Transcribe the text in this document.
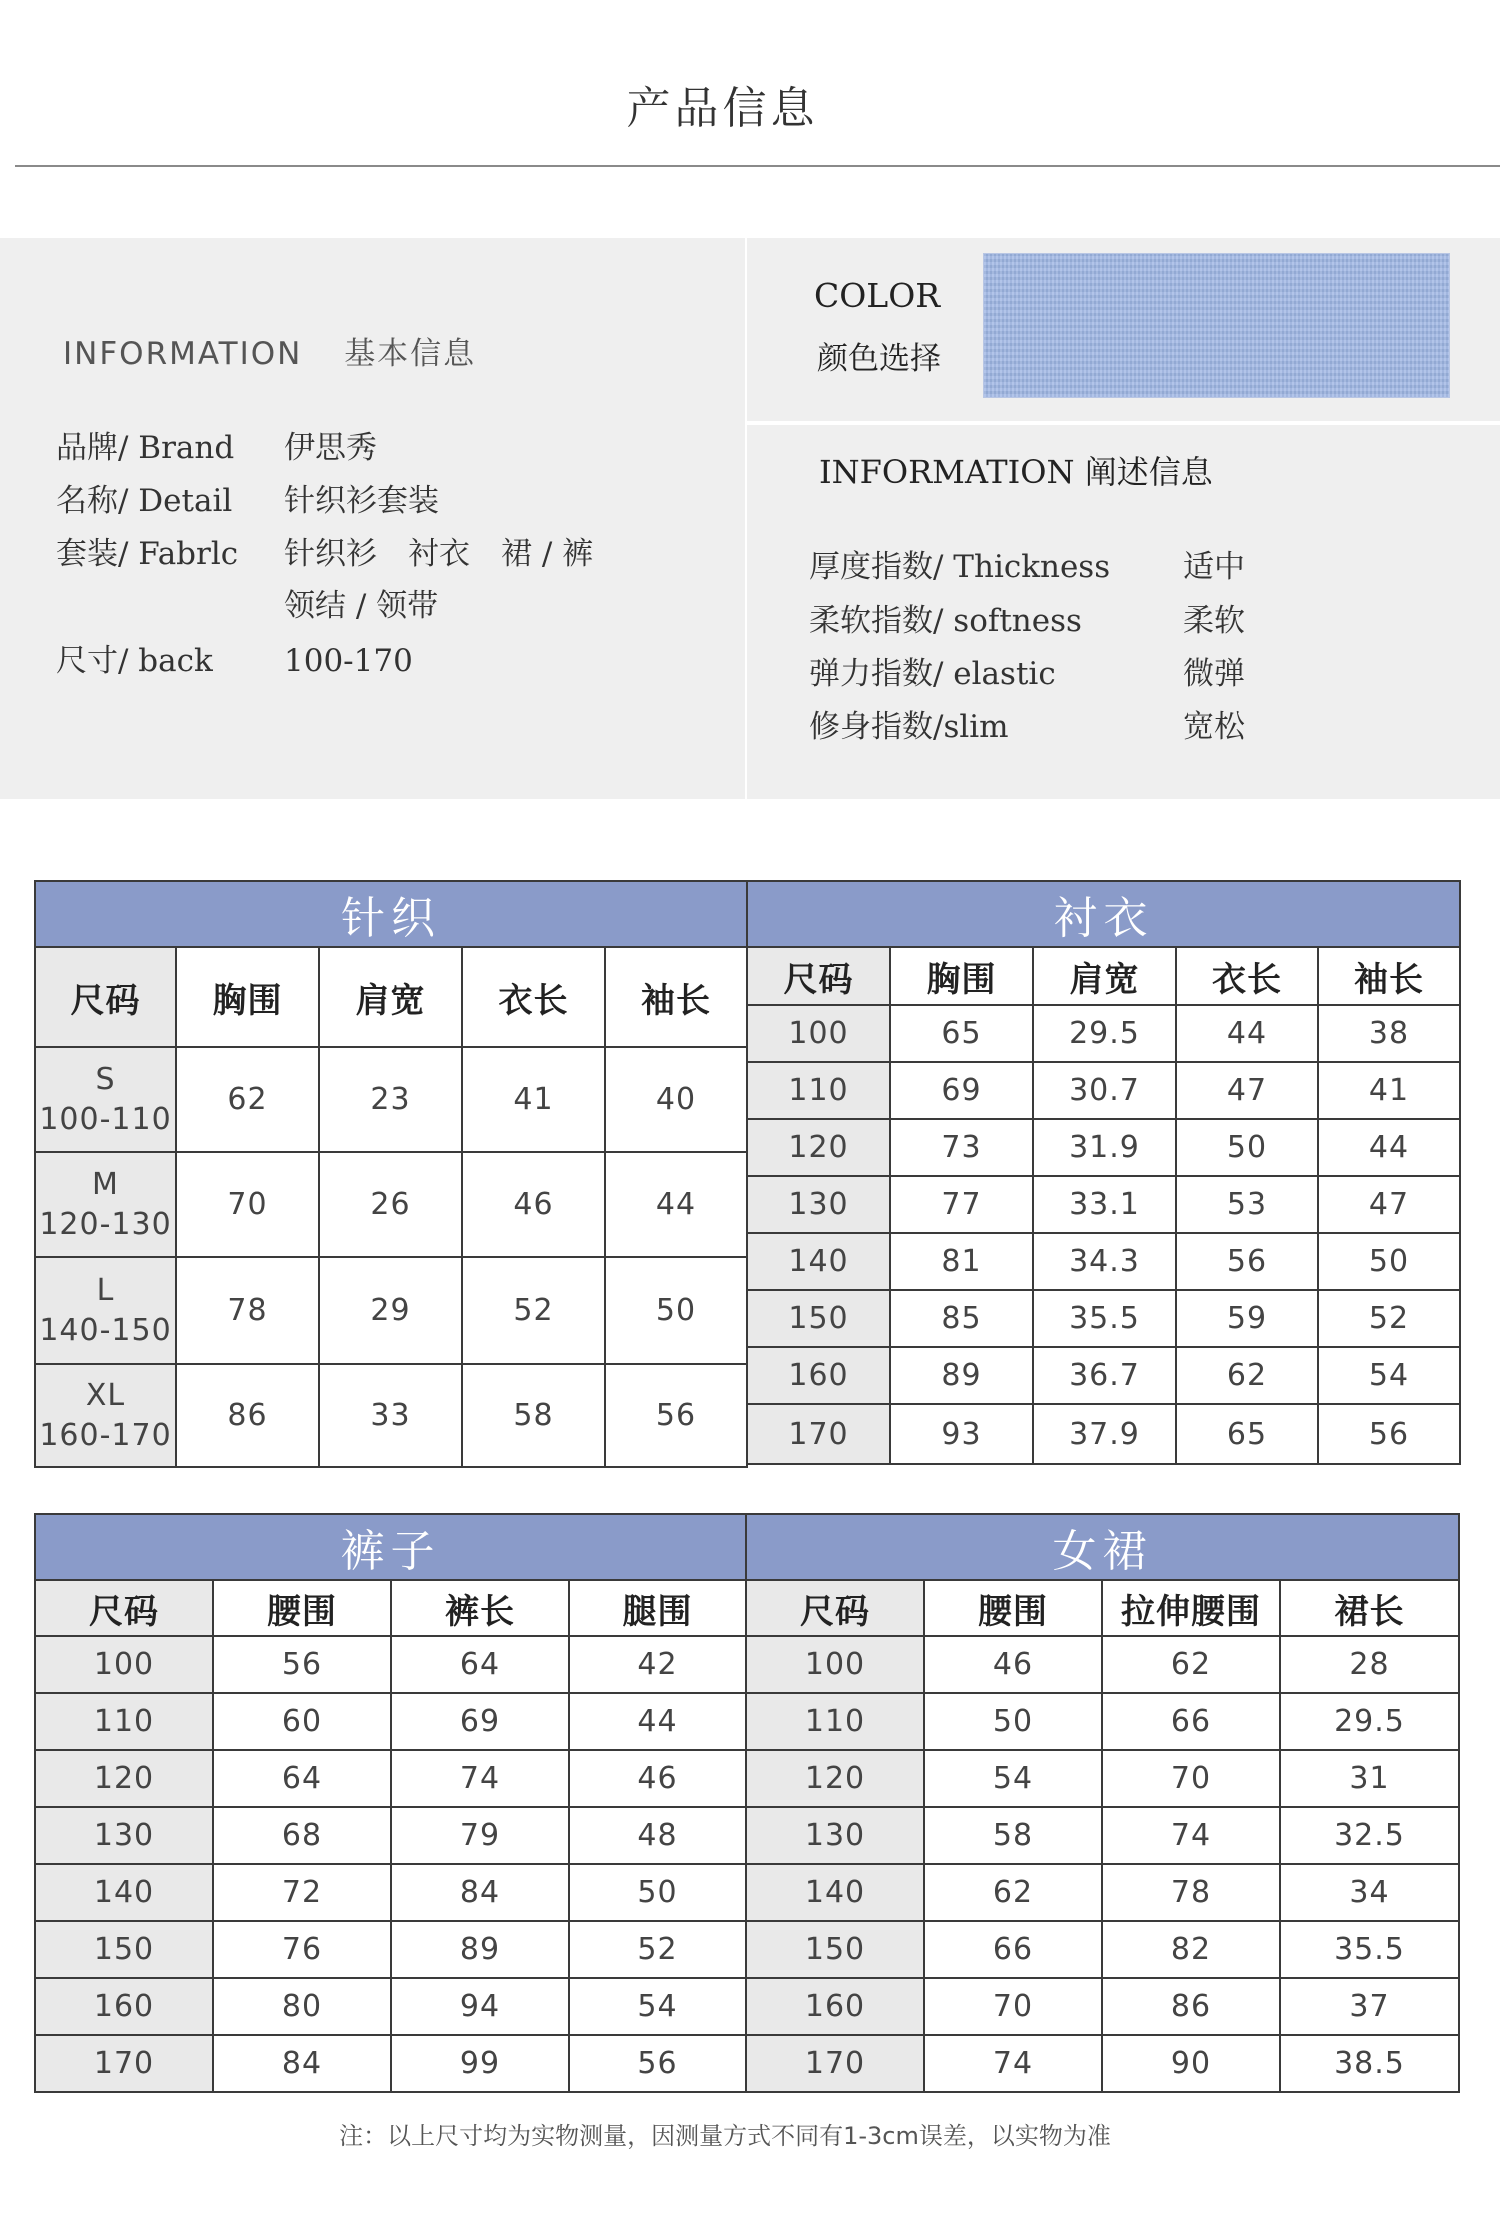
产品信息
INFORMATION 基本信息
品牌/ Brand 伊思秀
名称/ Detail 针织衫套装
套装/ Fabrlc 针织衫　衬衣　裙 / 裤
领结 / 领带
尺寸/ back 100-170
COLOR
颜色选择
INFORMATION 阐述信息
厚度指数/ Thickness 适中
柔软指数/ softness	柔软
弹力指数/ elastic	微弹
修身指数/slim	宽松
针织				
尺码	胸围	肩宽	衣长	袖长

S
100-110	62	23	41	40

M
120-130	70	26	46	44

L
140-150	78	29	52	50

XL
160-170	86	33	58	56
衬衣				
尺码	胸围	肩宽	衣长	袖长
100	65	29.5	44	38
110	69	30.7	47	41
120	73	31.9	50	44
130	77	33.1	53	47
140	81	34.3	56	50
150	85	35.5	59	52
160	89	36.7	62	54
170	93	37.9	65	56
裤子			
尺码	腰围	裤长	腿围
100	56	64	42
110	60	69	44
120	64	74	46
130	68	79	48
140	72	84	50
150	76	89	52
160	80	94	54
170	84	99	56
女裙			
尺码	腰围	拉伸腰围	裙长
100	46	62	28
110	50	66	29.5
120	54	70	31
130	58	74	32.5
140	62	78	34
150	66	82	35.5
160	70	86	37
170	74	90	38.5
注：以上尺寸均为实物测量，因测量方式不同有1-3cm误差，以实物为准
